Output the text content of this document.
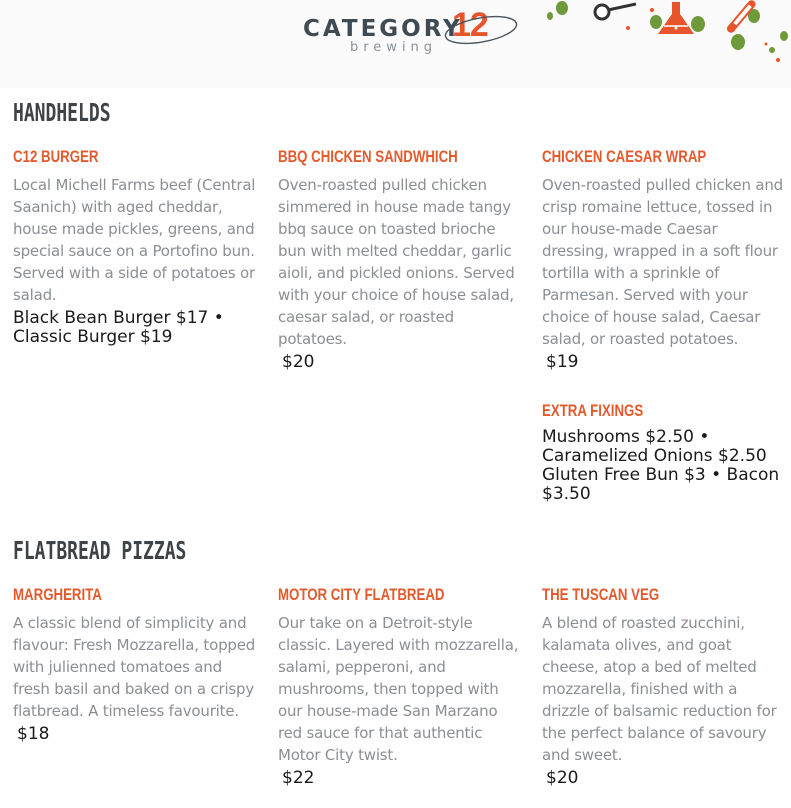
CATEGORY
12
brewing
HANDHELDS
C12 BURGER
Local Michell Farms beef (Central Saanich) with aged cheddar, house made pickles, greens, and special sauce on a Portofino bun. Served with a side of potatoes or salad.
Black Bean Burger $17 • Classic Burger $19
BBQ CHICKEN SANDWHICH
Oven-roasted pulled chicken simmered in house made tangy bbq sauce on toasted brioche bun with melted cheddar, garlic aioli, and pickled onions. Served with your choice of house salad, caesar salad, or roasted potatoes.
$20
CHICKEN CAESAR WRAP
Oven-roasted pulled chicken and crisp romaine lettuce, tossed in our house-made Caesar dressing, wrapped in a soft flour tortilla with a sprinkle of Parmesan. Served with your choice of house salad, Caesar salad, or roasted potatoes.
$19
EXTRA FIXINGS
Mushrooms $2.50 • Caramelized Onions $2.50 Gluten Free Bun $3 • Bacon $3.50
FLATBREAD PIZZAS
MARGHERITA
A classic blend of simplicity and flavour: Fresh Mozzarella, topped with julienned tomatoes and fresh basil and baked on a crispy flatbread. A timeless favourite.
$18
MOTOR CITY FLATBREAD
Our take on a Detroit-style classic. Layered with mozzarella, salami, pepperoni, and mushrooms, then topped with our house-made San Marzano red sauce for that authentic Motor City twist.
$22
THE TUSCAN VEG
A blend of roasted zucchini, kalamata olives, and goat cheese, atop a bed of melted mozzarella, finished with a drizzle of balsamic reduction for the perfect balance of savoury and sweet.
$20
